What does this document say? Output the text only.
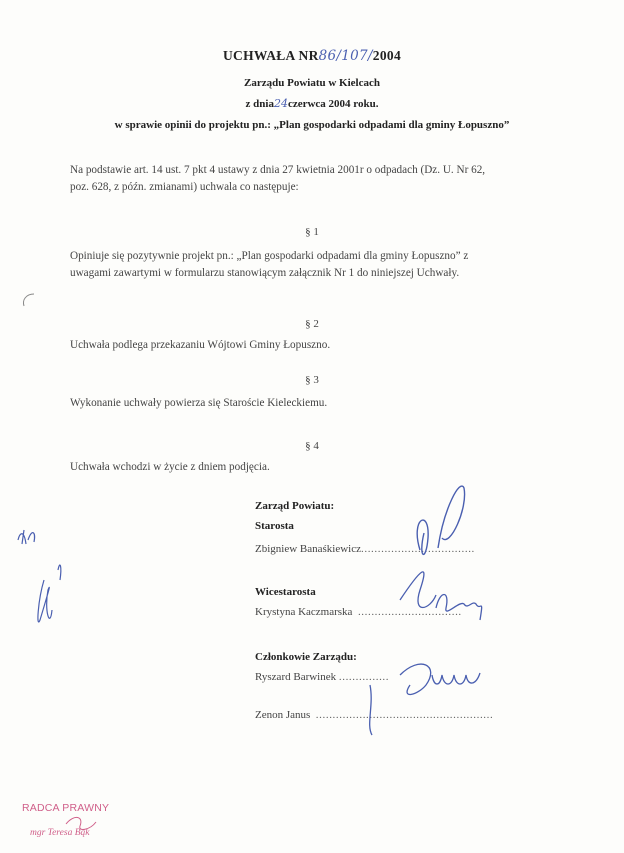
UCHWAŁA NR86/107/2004
Zarządu Powiatu w Kielcach
z dnia24czerwca 2004 roku.
w sprawie opinii do projektu pn.: „Plan gospodarki odpadami dla gminy Łopuszno”
Na podstawie art. 14 ust. 7 pkt 4 ustawy z dnia 27 kwietnia 2001r o odpadach (Dz. U. Nr 62,
poz. 628, z późn. zmianami) uchwala co następuje:
§ 1
Opiniuje się pozytywnie projekt pn.: „Plan gospodarki odpadami dla gminy Łopuszno” z
uwagami zawartymi w formularzu stanowiącym załącznik Nr 1 do niniejszej Uchwały.
§ 2
Uchwała podlega przekazaniu Wójtowi Gminy Łopuszno.
§ 3
Wykonanie uchwały powierza się Staroście Kieleckiemu.
§ 4
Uchwała wchodzi w życie z dniem podjęcia.
Zarząd Powiatu:
Starosta
Zbigniew Banaśkiewicz..................................
Wicestarosta
Krystyna Kaczmarska ...............................
Członkowie Zarządu:
Ryszard Barwinek ...............
Zenon Janus .....................................................
RADCA PRAWNY
mgr Teresa Bąk
